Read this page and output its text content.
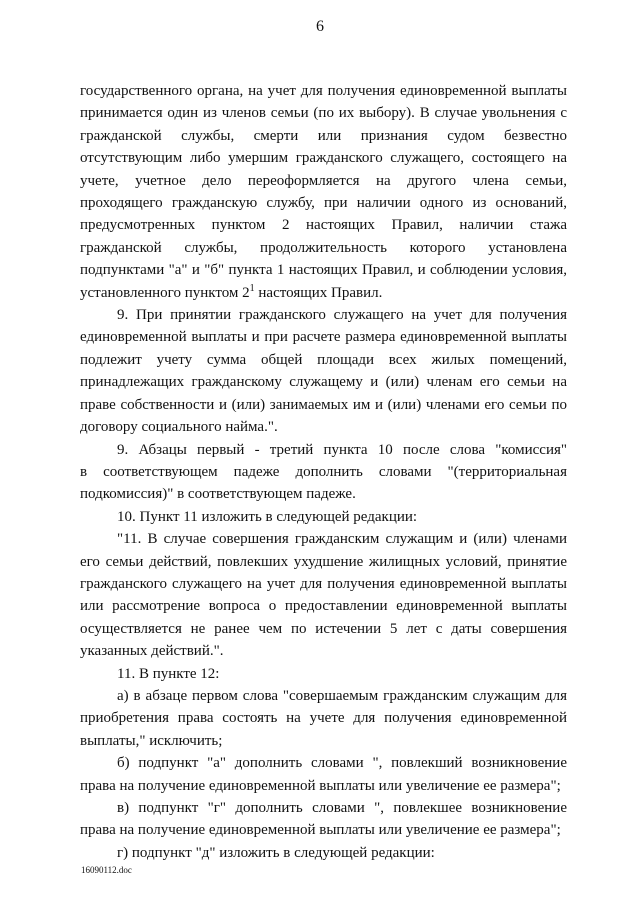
6
государственного органа, на учет для получения единовременной выплаты
принимается один из членов семьи (по их выбору). В случае увольнения с
гражданской службы, смерти или признания судом безвестно
отсутствующим либо умершим гражданского служащего, состоящего на
учете, учетное дело переоформляется на другого члена семьи,
проходящего гражданскую службу, при наличии одного из оснований,
предусмотренных пунктом 2 настоящих Правил, наличии стажа
гражданской службы, продолжительность которого установлена
подпунктами "а" и "б" пункта 1 настоящих Правил, и соблюдении условия,
установленного пунктом $2^1$ настоящих Правил.
9. При принятии гражданского служащего на учет для получения
единовременной выплаты и при расчете размера единовременной выплаты
подлежит учету сумма общей площади всех жилых помещений,
принадлежащих гражданскому служащему и (или) членам его семьи на
праве собственности и (или) занимаемых им и (или) членами его семьи по
договору социального найма.".
9. Абзацы первый - третий пункта 10 после слова "комиссия"
в соответствующем падеже дополнить словами "(территориальная
подкомиссия)" в соответствующем падеже.
10. Пункт 11 изложить в следующей редакции:
"11. В случае совершения гражданским служащим и (или) членами
его семьи действий, повлекших ухудшение жилищных условий, принятие
гражданского служащего на учет для получения единовременной выплаты
или рассмотрение вопроса о предоставлении единовременной выплаты
осуществляется не ранее чем по истечении 5 лет с даты совершения
указанных действий.".
11. В пункте 12:
а) в абзаце первом слова "совершаемым гражданским служащим для
приобретения права состоять на учете для получения единовременной
выплаты," исключить;
б) подпункт "а" дополнить словами ", повлекший возникновение
права на получение единовременной выплаты или увеличение ее размера";
в) подпункт "г" дополнить словами ", повлекшее возникновение
права на получение единовременной выплаты или увеличение ее размера";
г) подпункт "д" изложить в следующей редакции:
16090112.doc
